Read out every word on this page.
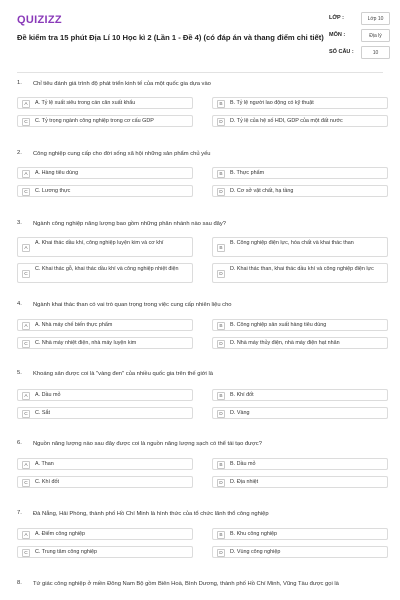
QUIZIZZ
Đề kiểm tra 15 phút Địa Lí 10 Học kì 2 (Lần 1 - Đề 4) (có đáp án và thang điểm chi tiết)
LỚP :	Lớp 10
MÔN :	Địa lý
SỐ CÂU :	10
1. Chỉ tiêu đánh giá trình độ phát triển kinh tế của một quốc gia dựa vào
A	A. Tỷ lệ xuất siêu trong cán cân xuất khẩu	B	B. Tỷ lệ người lao động có kỹ thuật
C	C. Tỷ trọng ngành công nghiệp trong cơ cấu GDP	D	D. Tỷ lệ của hệ số HDI, GDP của một đất nước
2. Công nghiệp cung cấp cho đời sống xã hội những sản phẩm chủ yếu
A	A. Hàng tiêu dùng	B	B. Thực phẩm
C	C. Lương thực	D	D. Cơ sở vật chất, hạ tầng
3. Ngành công nghiệp năng lượng bao gồm những phân nhánh nào sau đây?
A
A. Khai thác dầu khí, công nghiệp luyện kim và cơ khí
B
B. Công nghiệp điện lực, hóa chất và khai thác than
C
C. Khai thác gỗ, khai thác dầu khí và công nghiệp nhiệt điện
D
D. Khai thác than, khai thác dầu khí và công nghiệp điện lực
4. Ngành khai thác than có vai trò quan trọng trong việc cung cấp nhiên liệu cho
A	A. Nhà máy chế biến thực phẩm	B	B. Công nghiệp sản xuất hàng tiêu dùng
C	C. Nhà máy nhiệt điện, nhà máy luyện kim	D	D. Nhà máy thủy điện, nhà máy điện hạt nhân
5. Khoáng sản được coi là "vàng đen" của nhiều quốc gia trên thế giới là
A	A. Dầu mỏ	B	B. Khí đốt
C	C. Sắt	D	D. Vàng
6. Nguồn năng lượng nào sau đây được coi là nguồn năng lượng sạch có thể tái tạo được?
A	A. Than	B	B. Dầu mỏ
C	C. Khí đốt	D	D. Địa nhiệt
7. Đà Nẵng, Hải Phòng, thành phố Hồ Chí Minh là hình thức của tổ chức lãnh thổ công nghiệp
A	A. Điểm công nghiệp	B	B. Khu công nghiệp
C	C. Trung tâm công nghiệp	D	D. Vùng công nghiệp
8. Tứ giác công nghiệp ở miền Đông Nam Bộ gồm Biên Hoà, Bình Dương, thành phố Hồ Chí Minh, Vũng Tàu được gọi là
